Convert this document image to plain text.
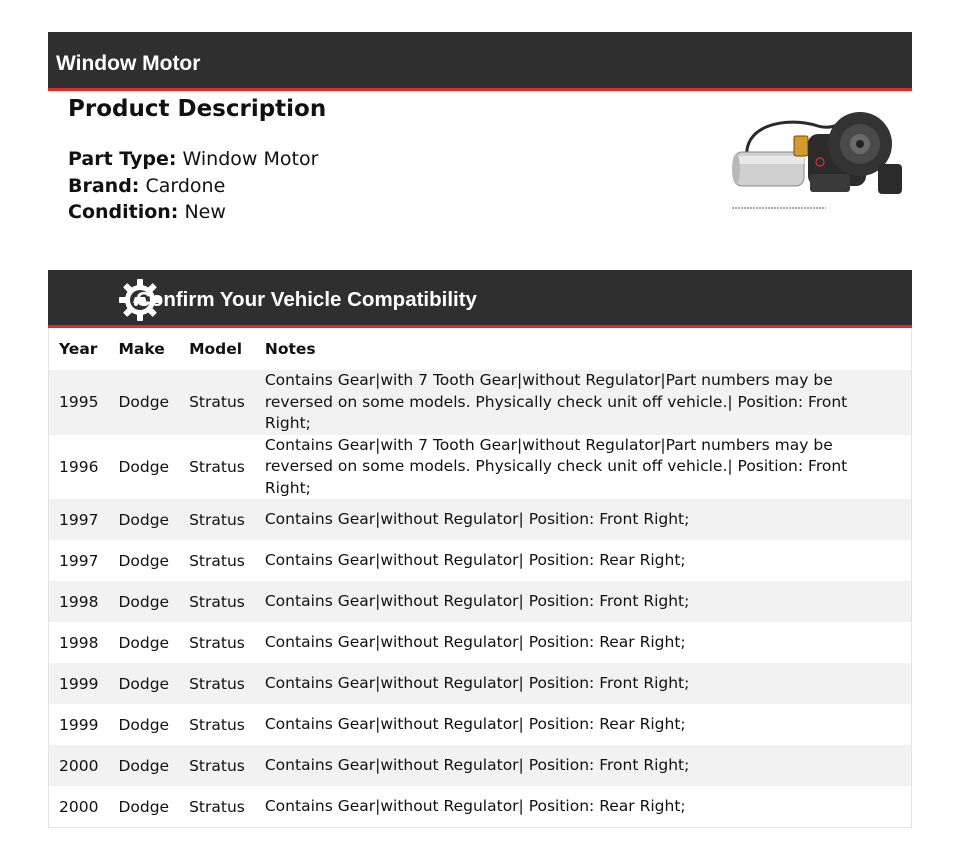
Window Motor
Product Description
Part Type: Window Motor
Brand: Cardone
Condition: New
Confirm Your Vehicle Compatibility
Year	Make	Model	Notes
1995	Dodge	Stratus	Contains Gear|with 7 Tooth Gear|without Regulator|Part numbers may be reversed on some models. Physically check unit off vehicle.| Position: Front Right;
1996	Dodge	Stratus	Contains Gear|with 7 Tooth Gear|without Regulator|Part numbers may be reversed on some models. Physically check unit off vehicle.| Position: Front Right;
1997	Dodge	Stratus	Contains Gear|without Regulator| Position: Front Right;
1997	Dodge	Stratus	Contains Gear|without Regulator| Position: Rear Right;
1998	Dodge	Stratus	Contains Gear|without Regulator| Position: Front Right;
1998	Dodge	Stratus	Contains Gear|without Regulator| Position: Rear Right;
1999	Dodge	Stratus	Contains Gear|without Regulator| Position: Front Right;
1999	Dodge	Stratus	Contains Gear|without Regulator| Position: Rear Right;
2000	Dodge	Stratus	Contains Gear|without Regulator| Position: Front Right;
2000	Dodge	Stratus	Contains Gear|without Regulator| Position: Rear Right;
